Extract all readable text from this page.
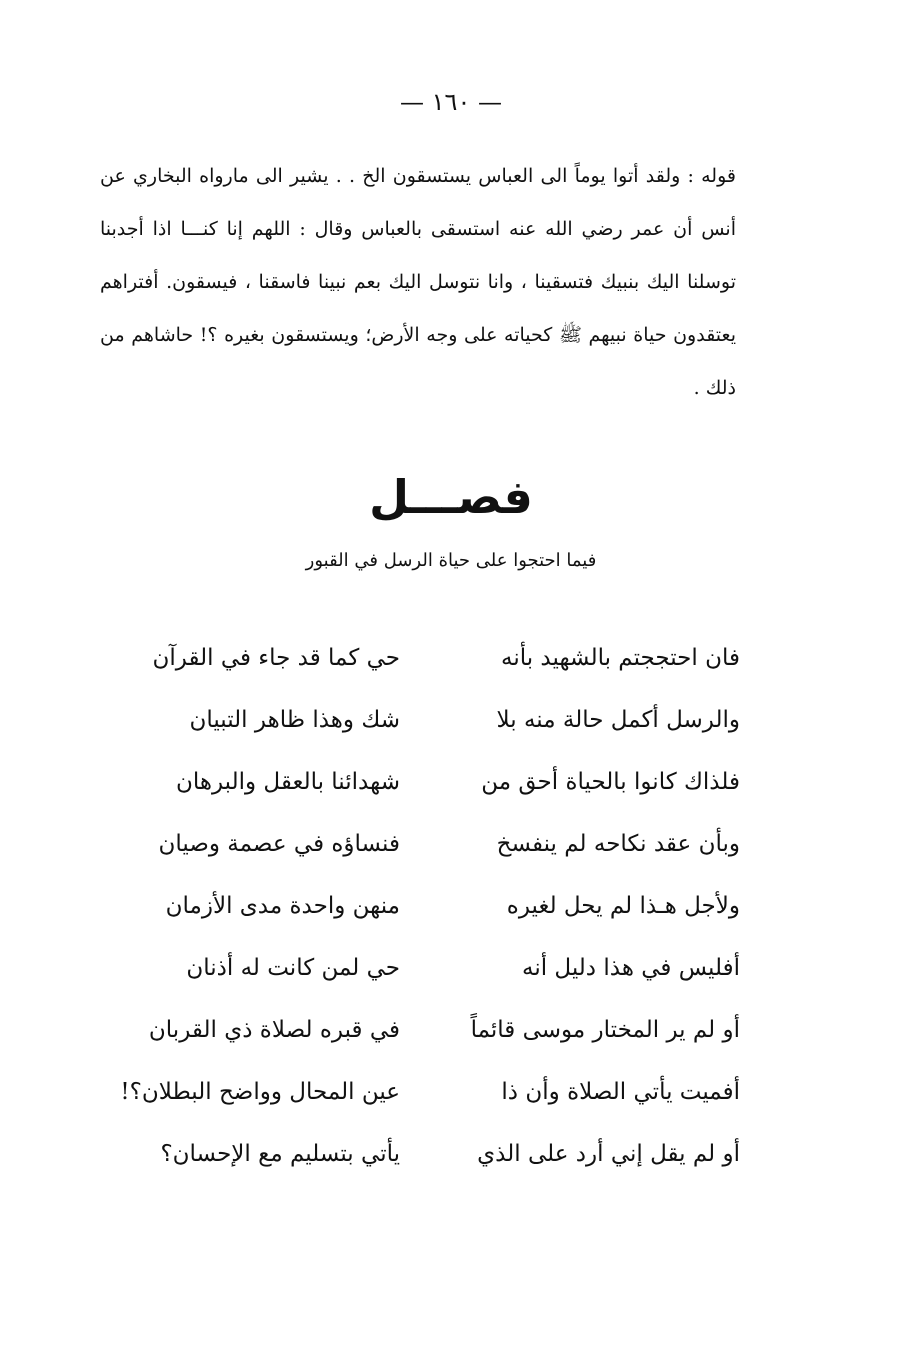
— ١٦٠ —
قوله : ولقد أتوا يوماً الى العباس يستسقون الخ . . يشير الى مارواه البخاري عن أنس أن عمر رضي الله عنه استسقى بالعباس وقال : اللهم إنا كنـــا اذا أجدبنا توسلنا اليك بنبيك فتسقينا ، وانا نتوسل اليك بعم نبينا فاسقنا ، فيسقون. أفتراهم يعتقدون حياة نبيهم ﷺ كحياته على وجه الأرض؛ ويستسقون بغيره ؟! حاشاهم من ذلك .
فصـــل
فيما احتجوا على حياة الرسل في القبور
فان احتججتم بالشهيد بأنه
حي كما قد جاء في القرآن
والرسل أكمل حالة منه بلا
شك وهذا ظاهر التبيان
فلذاك كانوا بالحياة أحق من
شهدائنا بالعقل والبرهان
وبأن عقد نكاحه لم ينفسخ
فنساؤه في عصمة وصيان
ولأجل هـذا لم يحل لغيره
منهن واحدة مدى الأزمان
أفليس في هذا دليل أنه
حي لمن كانت له أذنان
أو لم ير المختار موسى قائماً
في قبره لصلاة ذي القربان
أفميت يأتي الصلاة وأن ذا
عين المحال وواضح البطلان؟!
أو لم يقل إني أرد على الذي
يأتي بتسليم مع الإحسان؟
